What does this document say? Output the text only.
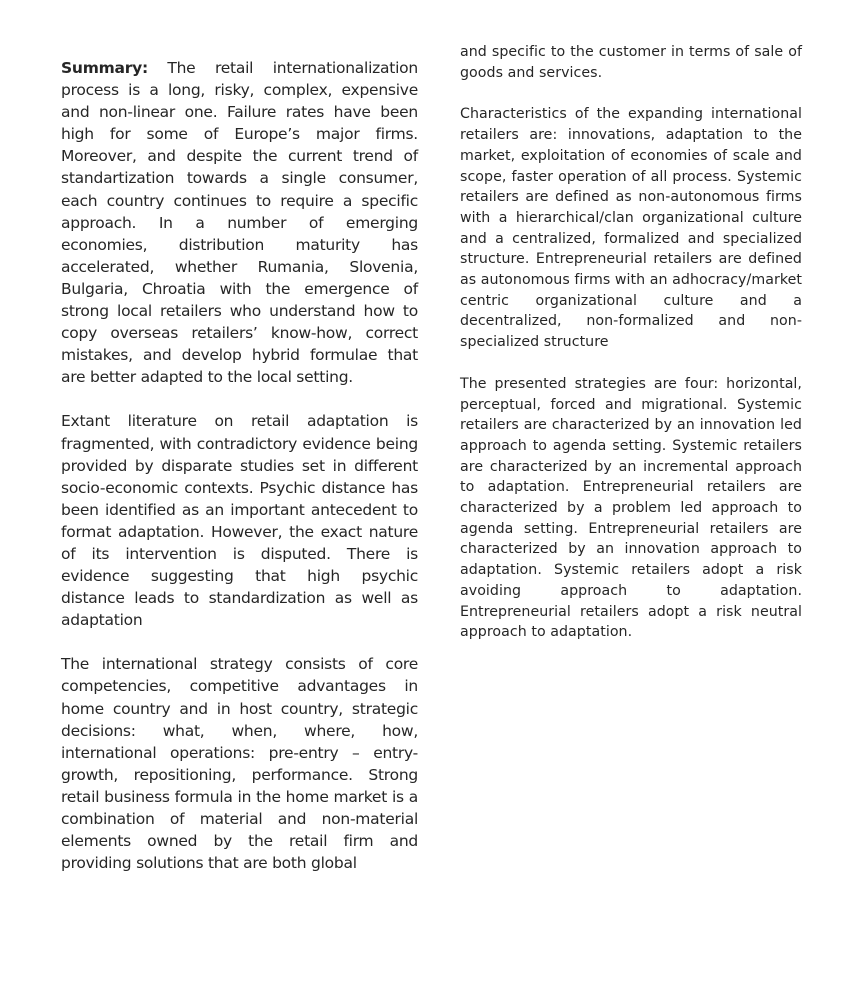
Summary: The retail internationalization process is a long, risky, complex, expensive and non-linear one. Failure rates have been high for some of Europe’s major firms. Moreover, and despite the current trend of standartization towards a single consumer, each country continues to require a specific approach. In a number of emerging economies, distribution maturity has accelerated, whether Rumania, Slovenia, Bulgaria, Chroatia with the emergence of strong local retailers who understand how to copy overseas retailers’ know-how, correct mistakes, and develop hybrid formulae that are better adapted to the local setting.

Extant literature on retail adaptation is fragmented, with contradictory evidence being provided by disparate studies set in different socio-economic contexts. Psychic distance has been identified as an important antecedent to format adaptation. However, the exact nature of its intervention is disputed. There is evidence suggesting that high psychic distance leads to standardization as well as adaptation

The international strategy consists of core competencies, competitive advantages in home country and in host country, strategic decisions: what, when, where, how, international operations: pre-entry – entry-growth, repositioning, performance. Strong retail business formula in the home market is a combination of material and non-material elements owned by the retail firm and providing solutions that are both global

and specific to the customer in terms of sale of goods and services.

Characteristics of the expanding international retailers are: innovations, adaptation to the market, exploitation of economies of scale and scope, faster operation of all process. Systemic retailers are defined as non-autonomous firms with a hierarchical/clan organizational culture and a centralized, formalized and specialized structure. Entrepreneurial retailers are defined as autonomous firms with an adhocracy/market centric organizational culture and a decentralized, non-formalized and non-specialized structure

The presented strategies are four: horizontal, perceptual, forced and migrational. Systemic retailers are characterized by an innovation led approach to agenda setting. Systemic retailers are characterized by an incremental approach to adaptation. Entrepreneurial retailers are characterized by a problem led approach to agenda setting. Entrepreneurial retailers are characterized by an innovation approach to adaptation. Systemic retailers adopt a risk avoiding approach to adaptation. Entrepreneurial retailers adopt a risk neutral approach to adaptation.
